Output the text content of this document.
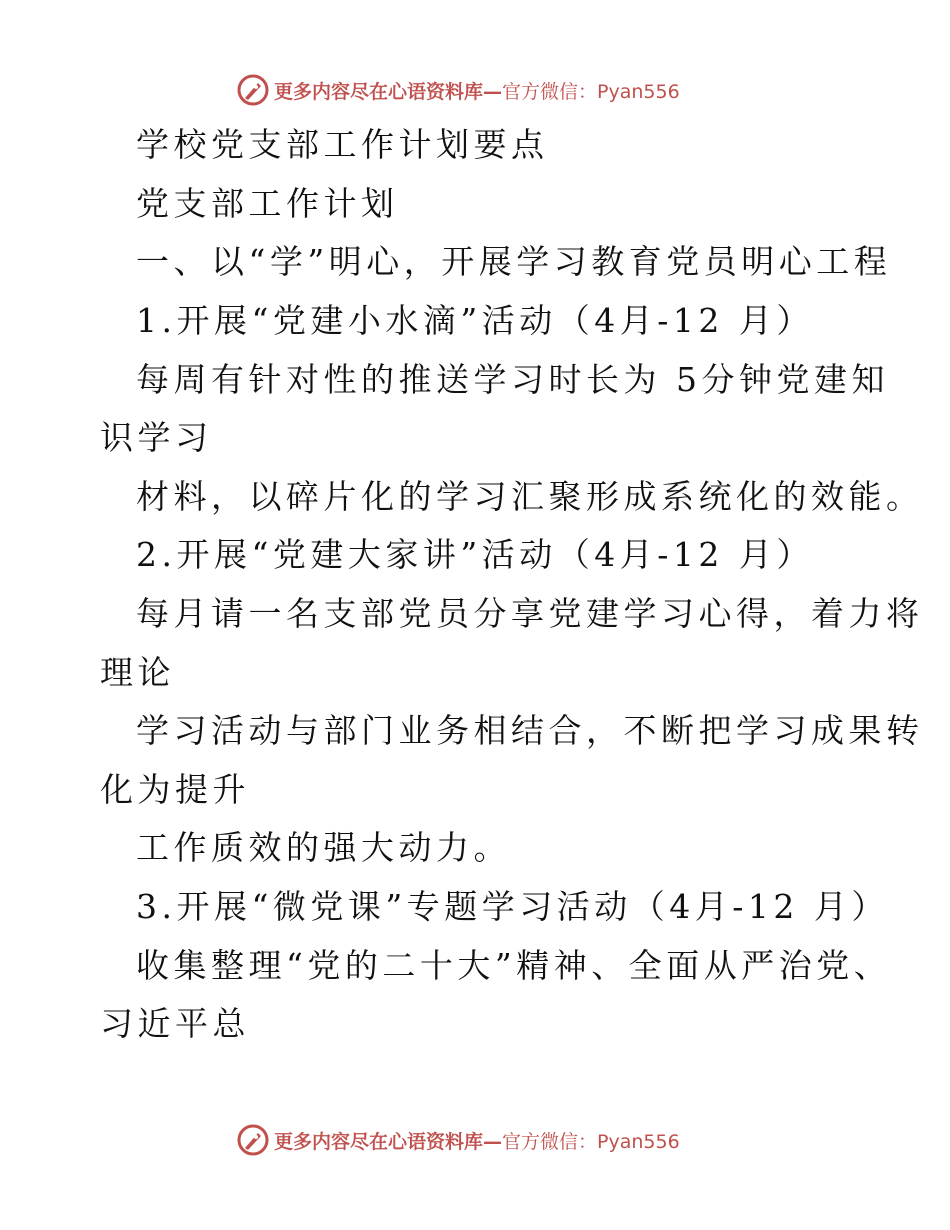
更多内容尽在心语资料库— 官方微信：Pyan556
学校党支部工作计划要点
党支部工作计划
一、以“学”明心，开展学习教育党员明心工程
1.开展“党建小水滴”活动（4月-12 月）
每周有针对性的推送学习时长为 5分钟党建知
识学习
材料，以碎片化的学习汇聚形成系统化的效能。
2.开展“党建大家讲”活动（4月-12 月）
每月请一名支部党员分享党建学习心得，着力将
理论
学习活动与部门业务相结合，不断把学习成果转
化为提升
工作质效的强大动力。
3.开展“微党课”专题学习活动（4月-12 月）
收集整理“党的二十大”精神、全面从严治党、
习近平总
更多内容尽在心语资料库— 官方微信：Pyan556
